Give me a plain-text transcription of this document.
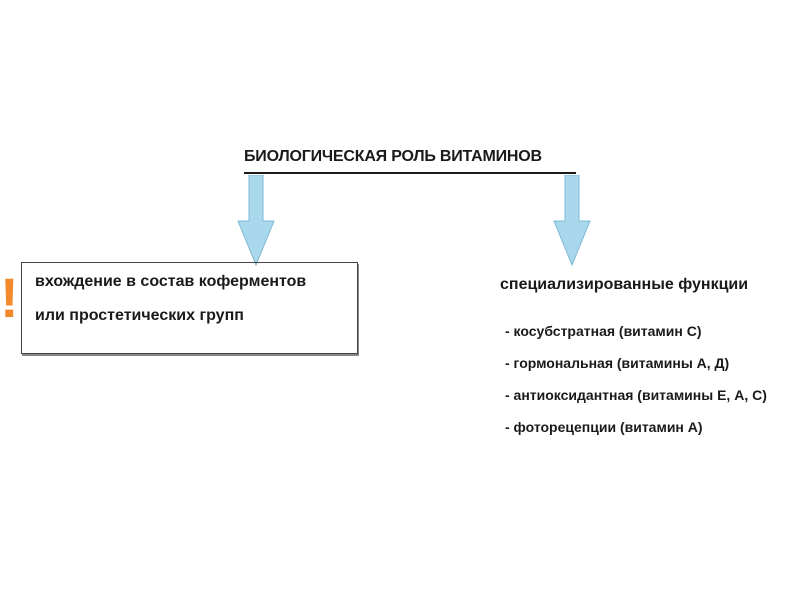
БИОЛОГИЧЕСКАЯ РОЛЬ ВИТАМИНОВ
! вхождение в состав коферментов
или простетических групп
специализированные функции
- косубстратная (витамин С)
- гормональная (витамины А, Д)
- антиоксидантная (витамины Е, А, С)
- фоторецепции (витамин А)
